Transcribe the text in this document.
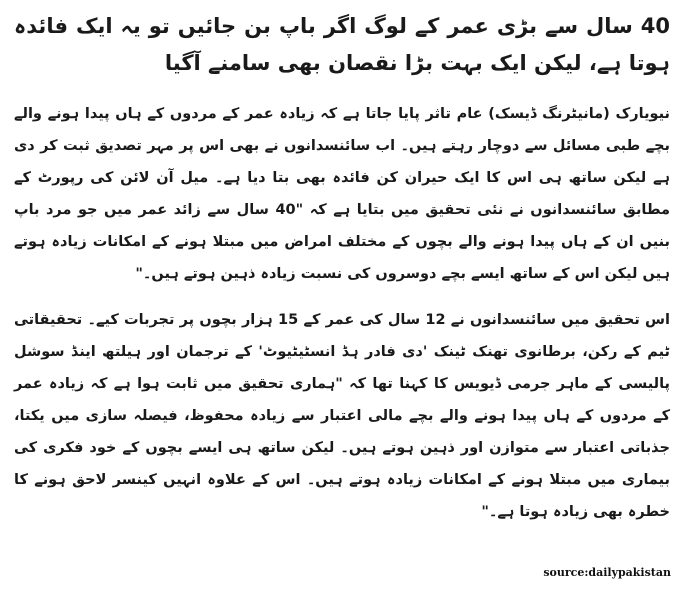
40 سال سے بڑی عمر کے لوگ اگر باپ بن جائیں تو یہ ایک فائدہ ہوتا ہے، لیکن ایک بہت بڑا نقصان بھی سامنے آگیا

نیویارک (مانیٹرنگ ڈیسک) عام تاثر پایا جاتا ہے کہ زیادہ عمر کے مردوں کے ہاں پیدا ہونے والے بچے طبی مسائل سے دوچار رہتے ہیں۔ اب سائنسدانوں نے بھی اس پر مہر تصدیق ثبت کر دی ہے لیکن ساتھ ہی اس کا ایک حیران کن فائدہ بھی بتا دیا ہے۔ میل آن لائن کی رپورٹ کے مطابق سائنسدانوں نے نئی تحقیق میں بتایا ہے کہ "40 سال سے زائد عمر میں جو مرد باپ بنیں ان کے ہاں پیدا ہونے والے بچوں کے مختلف امراض میں مبتلا ہونے کے امکانات زیادہ ہوتے ہیں لیکن اس کے ساتھ ایسے بچے دوسروں کی نسبت زیادہ ذہین ہوتے ہیں۔"

اس تحقیق میں سائنسدانوں نے 12 سال کی عمر کے 15 ہزار بچوں پر تجربات کیے۔ تحقیقاتی ٹیم کے رکن، برطانوی تھنک ٹینک 'دی فادر ہڈ انسٹیٹیوٹ' کے ترجمان اور ہیلتھ اینڈ سوشل پالیسی کے ماہر جرمی ڈیویس کا کہنا تھا کہ "ہماری تحقیق میں ثابت ہوا ہے کہ زیادہ عمر کے مردوں کے ہاں پیدا ہونے والے بچے مالی اعتبار سے زیادہ محفوظ، فیصلہ سازی میں یکتا، جذباتی اعتبار سے متوازن اور ذہین ہوتے ہیں۔ لیکن ساتھ ہی ایسے بچوں کے خود فکری کی بیماری میں مبتلا ہونے کے امکانات زیادہ ہوتے ہیں۔ اس کے علاوہ انہیں کینسر لاحق ہونے کا خطرہ بھی زیادہ ہوتا ہے۔"

source:dailypakistan
